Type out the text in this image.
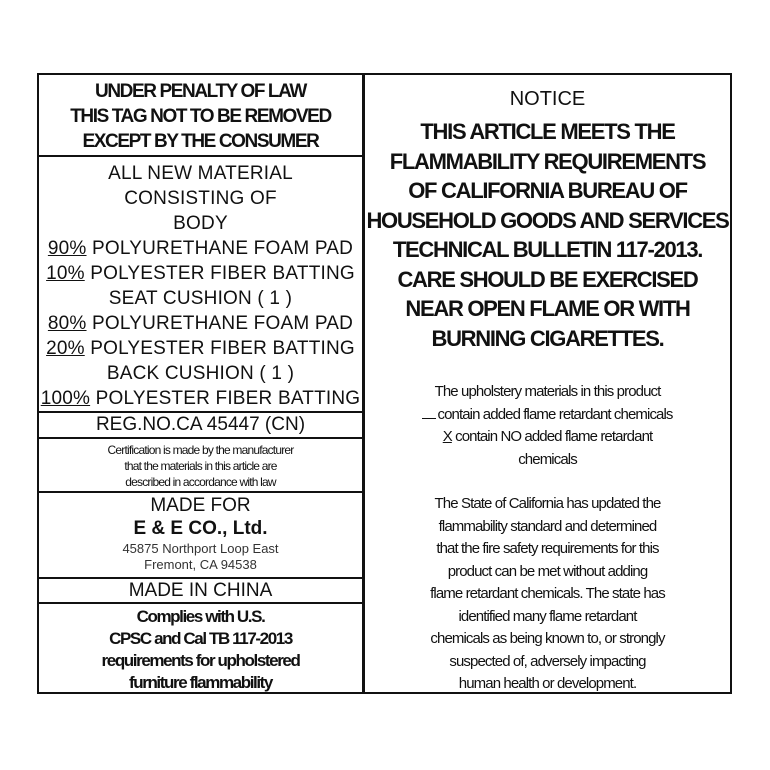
UNDER PENALTY OF LAW
THIS TAG NOT TO BE REMOVED
EXCEPT BY THE CONSUMER
ALL NEW MATERIAL
CONSISTING OF
BODY
90% POLYURETHANE FOAM PAD
10% POLYESTER FIBER BATTING
SEAT CUSHION ( 1 )
80% POLYURETHANE FOAM PAD
20% POLYESTER FIBER BATTING
BACK CUSHION ( 1 )
100% POLYESTER FIBER BATTING
REG.NO.CA 45447 (CN)
Certification is made by the manufacturer
that the materials in this article are
described in accordance with law
MADE FOR
E & E CO., Ltd.
45875 Northport Loop East
Fremont, CA 94538
MADE IN CHINA
Complies with U.S.
CPSC and Cal TB 117-2013
requirements for upholstered
furniture flammability
NOTICE
THIS ARTICLE MEETS THE
FLAMMABILITY REQUIREMENTS
OF CALIFORNIA BUREAU OF
HOUSEHOLD GOODS AND SERVICES
TECHNICAL BULLETIN 117-2013.
CARE SHOULD BE EXERCISED
NEAR OPEN FLAME OR WITH
BURNING CIGARETTES.
The upholstery materials in this product
contain added flame retardant chemicals
X contain NO added flame retardant
chemicals
The State of California has updated the
flammability standard and determined
that the fire safety requirements for this
product can be met without adding
flame retardant chemicals. The state has
identified many flame retardant
chemicals as being known to, or strongly
suspected of, adversely impacting
human health or development.
